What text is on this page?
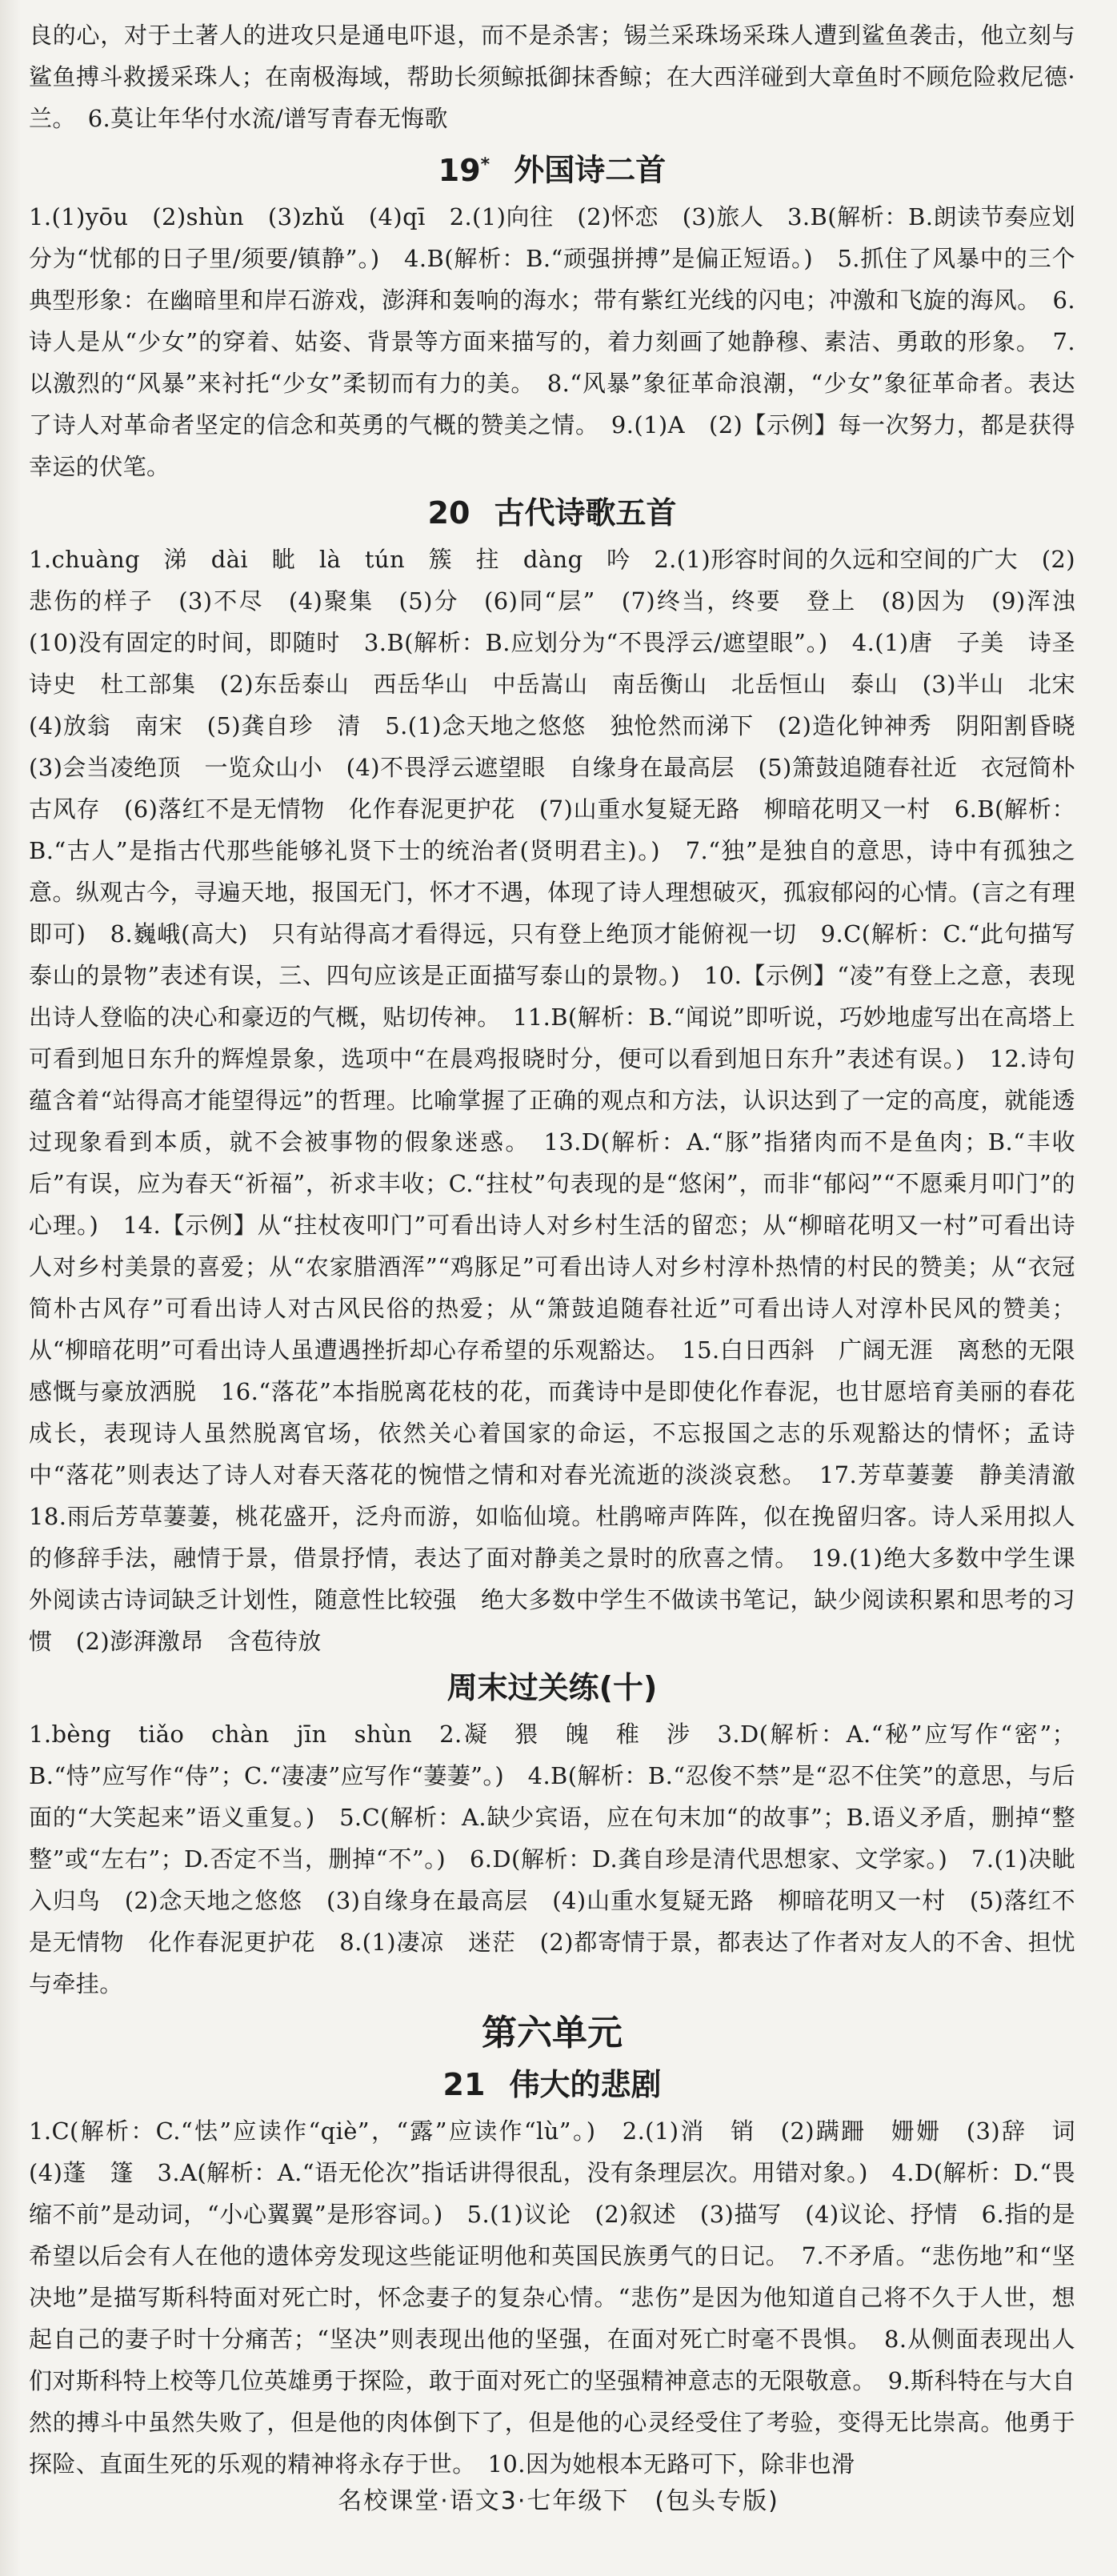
良的心，对于土著人的进攻只是通电吓退，而不是杀害；锡兰采珠场采珠人遭到鲨鱼袭击，他立刻与鲨鱼搏斗救援采珠人；在南极海域，帮助长须鲸抵御抹香鲸；在大西洋碰到大章鱼时不顾危险救尼德·兰。　6.莫让年华付水流/谱写青春无悔歌

19* 外国诗二首

1.(1)yōu　(2)shùn　(3)zhǔ　(4)qī　2.(1)向往　(2)怀恋　(3)旅人　3.B(解析：B.朗读节奏应划分为“忧郁的日子里/须要/镇静”。)　4.B(解析：B.“顽强拼搏”是偏正短语。)　5.抓住了风暴中的三个典型形象：在幽暗里和岸石游戏，澎湃和轰响的海水；带有紫红光线的闪电；冲激和飞旋的海风。　6.诗人是从“少女”的穿着、姑姿、背景等方面来描写的，着力刻画了她静穆、素洁、勇敢的形象。　7.以激烈的“风暴”来衬托“少女”柔韧而有力的美。　8.“风暴”象征革命浪潮，“少女”象征革命者。表达了诗人对革命者坚定的信念和英勇的气概的赞美之情。　9.(1)A　(2)【示例】每一次努力，都是获得幸运的伏笔。

20 古代诗歌五首

1.chuàng　涕　dài　眦　là　tún　簇　拄　dàng　吟　2.(1)形容时间的久远和空间的广大　(2)悲伤的样子　(3)不尽　(4)聚集　(5)分　(6)同“层”　(7)终当，终要　登上　(8)因为　(9)浑浊　(10)没有固定的时间，即随时　3.B(解析：B.应划分为“不畏浮云/遮望眼”。)　4.(1)唐　子美　诗圣　诗史　杜工部集　(2)东岳泰山　西岳华山　中岳嵩山　南岳衡山　北岳恒山　泰山　(3)半山　北宋　(4)放翁　南宋　(5)龚自珍　清　5.(1)念天地之悠悠　独怆然而涕下　(2)造化钟神秀　阴阳割昏晓　(3)会当凌绝顶　一览众山小　(4)不畏浮云遮望眼　自缘身在最高层　(5)箫鼓追随春社近　衣冠简朴古风存　(6)落红不是无情物　化作春泥更护花　(7)山重水复疑无路　柳暗花明又一村　6.B(解析：B.“古人”是指古代那些能够礼贤下士的统治者(贤明君主)。)　7.“独”是独自的意思，诗中有孤独之意。纵观古今，寻遍天地，报国无门，怀才不遇，体现了诗人理想破灭，孤寂郁闷的心情。(言之有理即可)　8.巍峨(高大)　只有站得高才看得远，只有登上绝顶才能俯视一切　9.C(解析：C.“此句描写泰山的景物”表述有误，三、四句应该是正面描写泰山的景物。)　10.【示例】“凌”有登上之意，表现出诗人登临的决心和豪迈的气概，贴切传神。　11.B(解析：B.“闻说”即听说，巧妙地虚写出在高塔上可看到旭日东升的辉煌景象，选项中“在晨鸡报晓时分，便可以看到旭日东升”表述有误。)　12.诗句蕴含着“站得高才能望得远”的哲理。比喻掌握了正确的观点和方法，认识达到了一定的高度，就能透过现象看到本质，就不会被事物的假象迷惑。　13.D(解析：A.“豚”指猪肉而不是鱼肉；B.“丰收后”有误，应为春天“祈福”，祈求丰收；C.“拄杖”句表现的是“悠闲”，而非“郁闷”“不愿乘月叩门”的心理。)　14.【示例】从“拄杖夜叩门”可看出诗人对乡村生活的留恋；从“柳暗花明又一村”可看出诗人对乡村美景的喜爱；从“农家腊酒浑”“鸡豚足”可看出诗人对乡村淳朴热情的村民的赞美；从“衣冠简朴古风存”可看出诗人对古风民俗的热爱；从“箫鼓追随春社近”可看出诗人对淳朴民风的赞美；从“柳暗花明”可看出诗人虽遭遇挫折却心存希望的乐观豁达。　15.白日西斜　广阔无涯　离愁的无限感慨与豪放洒脱　16.“落花”本指脱离花枝的花，而龚诗中是即使化作春泥，也甘愿培育美丽的春花成长，表现诗人虽然脱离官场，依然关心着国家的命运，不忘报国之志的乐观豁达的情怀；孟诗中“落花”则表达了诗人对春天落花的惋惜之情和对春光流逝的淡淡哀愁。　17.芳草萋萋　静美清澈　18.雨后芳草萋萋，桃花盛开，泛舟而游，如临仙境。杜鹃啼声阵阵，似在挽留归客。诗人采用拟人的修辞手法，融情于景，借景抒情，表达了面对静美之景时的欣喜之情。　19.(1)绝大多数中学生课外阅读古诗词缺乏计划性，随意性比较强　绝大多数中学生不做读书笔记，缺少阅读积累和思考的习惯　(2)澎湃激昂　含苞待放

周末过关练(十)

1.bèng　tiǎo　chàn　jīn　shùn　2.凝　猥　魄　稚　涉　3.D(解析：A.“秘”应写作“密”；B.“恃”应写作“侍”；C.“凄凄”应写作“萋萋”。)　4.B(解析：B.“忍俊不禁”是“忍不住笑”的意思，与后面的“大笑起来”语义重复。)　5.C(解析：A.缺少宾语，应在句末加“的故事”；B.语义矛盾，删掉“整整”或“左右”；D.否定不当，删掉“不”。)　6.D(解析：D.龚自珍是清代思想家、文学家。)　7.(1)决眦入归鸟　(2)念天地之悠悠　(3)自缘身在最高层　(4)山重水复疑无路　柳暗花明又一村　(5)落红不是无情物　化作春泥更护花　8.(1)凄凉　迷茫　(2)都寄情于景，都表达了作者对友人的不舍、担忧与牵挂。

第六单元
21 伟大的悲剧

1.C(解析：C.“怯”应读作“qiè”，“露”应读作“lù”。)　2.(1)消　销　(2)蹒跚　姗姗　(3)辞　词　(4)蓬　篷　3.A(解析：A.“语无伦次”指话讲得很乱，没有条理层次。用错对象。)　4.D(解析：D.“畏缩不前”是动词，“小心翼翼”是形容词。)　5.(1)议论　(2)叙述　(3)描写　(4)议论、抒情　6.指的是希望以后会有人在他的遗体旁发现这些能证明他和英国民族勇气的日记。　7.不矛盾。“悲伤地”和“坚决地”是描写斯科特面对死亡时，怀念妻子的复杂心情。“悲伤”是因为他知道自己将不久于人世，想起自己的妻子时十分痛苦；“坚决”则表现出他的坚强，在面对死亡时毫不畏惧。　8.从侧面表现出人们对斯科特上校等几位英雄勇于探险，敢于面对死亡的坚强精神意志的无限敬意。　9.斯科特在与大自然的搏斗中虽然失败了，但是他的肉体倒下了，但是他的心灵经受住了考验，变得无比崇高。他勇于探险、直面生死的乐观的精神将永存于世。　10.因为她根本无路可下，除非也滑

名校课堂·语文3·七年级下　(包头专版)
